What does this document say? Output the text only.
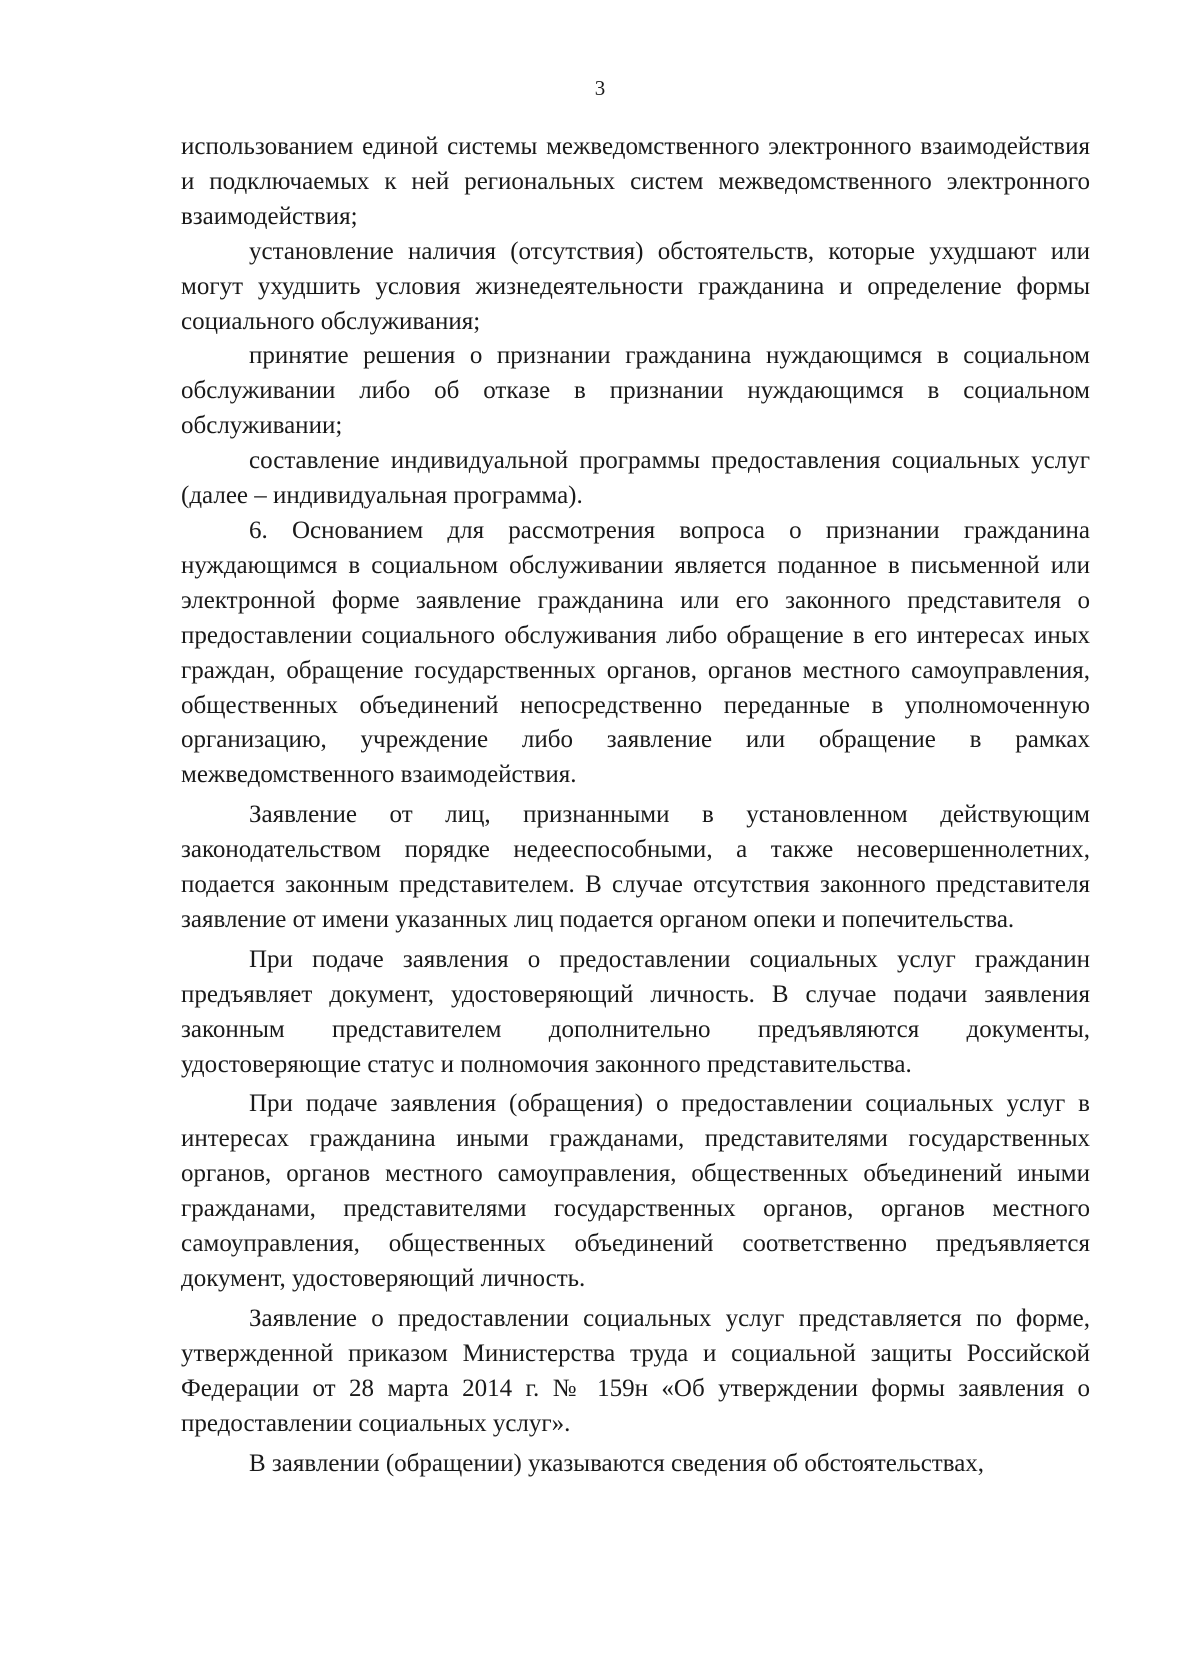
3

использованием единой системы межведомственного электронного взаимодействия и подключаемых к ней региональных систем межведомственного электронного взаимодействия;

установление наличия (отсутствия) обстоятельств, которые ухудшают или могут ухудшить условия жизнедеятельности гражданина и определение формы социального обслуживания;

принятие решения о признании гражданина нуждающимся в социальном обслуживании либо об отказе в признании нуждающимся в социальном обслуживании;

составление индивидуальной программы предоставления социальных услуг (далее – индивидуальная программа).

6. Основанием для рассмотрения вопроса о признании гражданина нуждающимся в социальном обслуживании является поданное в письменной или электронной форме заявление гражданина или его законного представителя о предоставлении социального обслуживания либо обращение в его интересах иных граждан, обращение государственных органов, органов местного самоуправления, общественных объединений непосредственно переданные в уполномоченную организацию, учреждение либо заявление или обращение в рамках межведомственного взаимодействия.

Заявление от лиц, признанными в установленном действующим законодательством порядке недееспособными, а также несовершеннолетних, подается законным представителем. В случае отсутствия законного представителя заявление от имени указанных лиц подается органом опеки и попечительства.

При подаче заявления о предоставлении социальных услуг гражданин предъявляет документ, удостоверяющий личность. В случае подачи заявления законным представителем дополнительно предъявляются документы, удостоверяющие статус и полномочия законного представительства.

При подаче заявления (обращения) о предоставлении социальных услуг в интересах гражданина иными гражданами, представителями государственных органов, органов местного самоуправления, общественных объединений иными гражданами, представителями государственных органов, органов местного самоуправления, общественных объединений соответственно предъявляется документ, удостоверяющий личность.

Заявление о предоставлении социальных услуг представляется по форме, утвержденной приказом Министерства труда и социальной защиты Российской Федерации от 28 марта 2014 г. № 159н «Об утверждении формы заявления о предоставлении социальных услуг».

В заявлении (обращении) указываются сведения об обстоятельствах,
